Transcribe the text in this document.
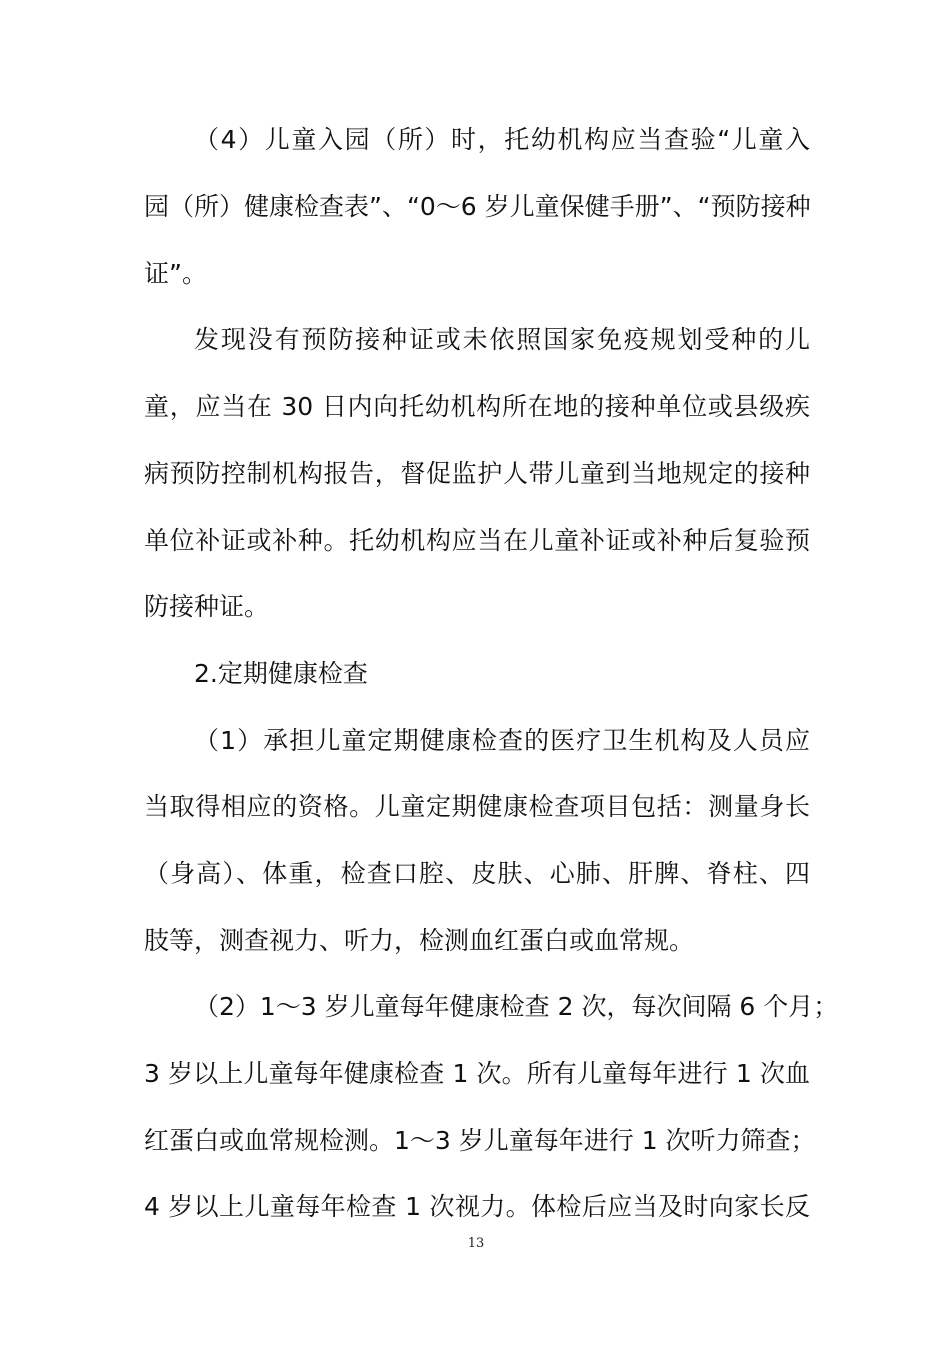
（4）儿童入园（所）时，托幼机构应当查验“儿童入
园（所）健康检查表”、“0～6 岁儿童保健手册”、“预防接种
证”。
发现没有预防接种证或未依照国家免疫规划受种的儿
童，应当在 30 日内向托幼机构所在地的接种单位或县级疾
病预防控制机构报告，督促监护人带儿童到当地规定的接种
单位补证或补种。托幼机构应当在儿童补证或补种后复验预
防接种证。
2.定期健康检查
（1）承担儿童定期健康检查的医疗卫生机构及人员应
当取得相应的资格。儿童定期健康检查项目包括：测量身长
（身高）、体重，检查口腔、皮肤、心肺、肝脾、脊柱、四
肢等，测查视力、听力，检测血红蛋白或血常规。
（2）1～3 岁儿童每年健康检查 2 次，每次间隔 6 个月；
3 岁以上儿童每年健康检查 1 次。所有儿童每年进行 1 次血
红蛋白或血常规检测。1～3 岁儿童每年进行 1 次听力筛查；
4 岁以上儿童每年检查 1 次视力。体检后应当及时向家长反
13
